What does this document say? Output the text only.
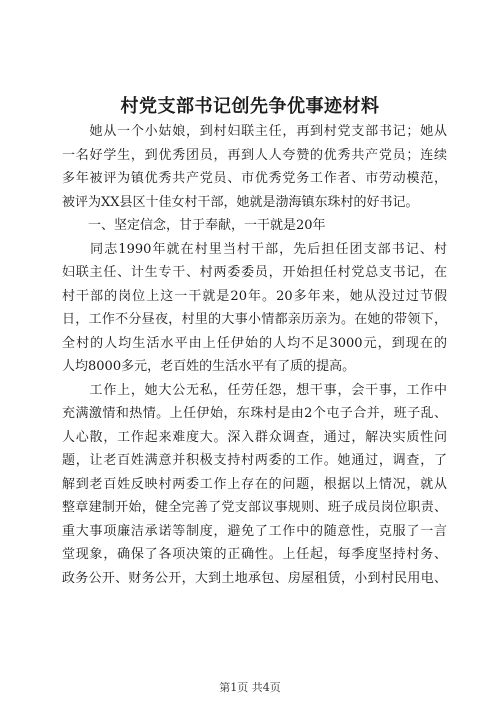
村党支部书记创先争优事迹材料
　　她从一个小姑娘，到村妇联主任，再到村党支部书记；她从
一名好学生，到优秀团员，再到人人夸赞的优秀共产党员；连续
多年被评为镇优秀共产党员、市优秀党务工作者、市劳动模范，
被评为XX县区十佳女村干部，她就是渤海镇东珠村的好书记。
　　一、坚定信念，甘于奉献，一干就是20年
　　同志1990年就在村里当村干部，先后担任团支部书记、村
妇联主任、计生专干、村两委委员，开始担任村党总支书记，在
村干部的岗位上这一干就是20年。20多年来，她从没过过节假
日，工作不分昼夜，村里的大事小情都亲历亲为。在她的带领下，
全村的人均生活水平由上任伊始的人均不足3000元，到现在的
人均8000多元，老百姓的生活水平有了质的提高。
　　工作上，她大公无私，任劳任怨，想干事，会干事，工作中
充满激情和热情。上任伊始，东珠村是由2个屯子合并，班子乱、
人心散，工作起来难度大。深入群众调查，通过，解决实质性问
题，让老百姓满意并积极支持村两委的工作。她通过，调查，了
解到老百姓反映村两委工作上存在的问题，根据以上情况，就从
整章建制开始，健全完善了党支部议事规则、班子成员岗位职责、
重大事项廉洁承诺等制度，避免了工作中的随意性，克服了一言
堂现象，确保了各项决策的正确性。上任起，每季度坚持村务、
政务公开、财务公开，大到土地承包、房屋租赁，小到村民用电、
第1页 共4页
